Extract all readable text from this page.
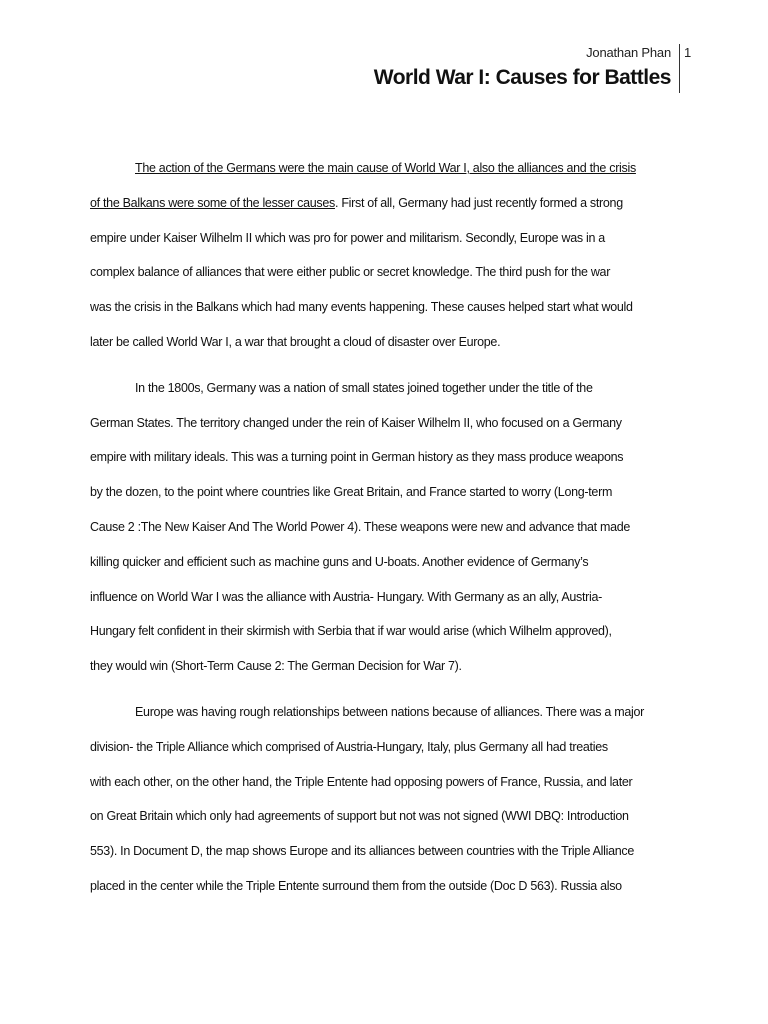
Jonathan Phan
World War I: Causes for Battles
1
The action of the Germans were the main cause of World War I, also the alliances and the crisis
of the Balkans were some of the lesser causes. First of all, Germany had just recently formed a strong
empire under Kaiser Wilhelm II which was pro for power and militarism. Secondly, Europe was in a
complex balance of alliances that were either public or secret knowledge. The third push for the war
was the crisis in the Balkans which had many events happening. These causes helped start what would
later be called World War I, a war that brought a cloud of disaster over Europe.
In the 1800s, Germany was a nation of small states joined together under the title of the
German States. The territory changed under the rein of Kaiser Wilhelm II, who focused on a Germany
empire with military ideals. This was a turning point in German history as they mass produce weapons
by the dozen, to the point where countries like Great Britain, and France started to worry (Long-term
Cause 2 :The New Kaiser And The World Power 4). These weapons were new and advance that made
killing quicker and efficient such as machine guns and U-boats. Another evidence of Germany’s
influence on World War I was the alliance with Austria- Hungary. With Germany as an ally, Austria-
Hungary felt confident in their skirmish with Serbia that if war would arise (which Wilhelm approved),
they would win (Short-Term Cause 2: The German Decision for War 7).
Europe was having rough relationships between nations because of alliances. There was a major
division- the Triple Alliance which comprised of Austria-Hungary, Italy, plus Germany all had treaties
with each other, on the other hand, the Triple Entente had opposing powers of France, Russia, and later
on Great Britain which only had agreements of support but not was not signed (WWI DBQ: Introduction
553). In Document D, the map shows Europe and its alliances between countries with the Triple Alliance
placed in the center while the Triple Entente surround them from the outside (Doc D 563). Russia also
